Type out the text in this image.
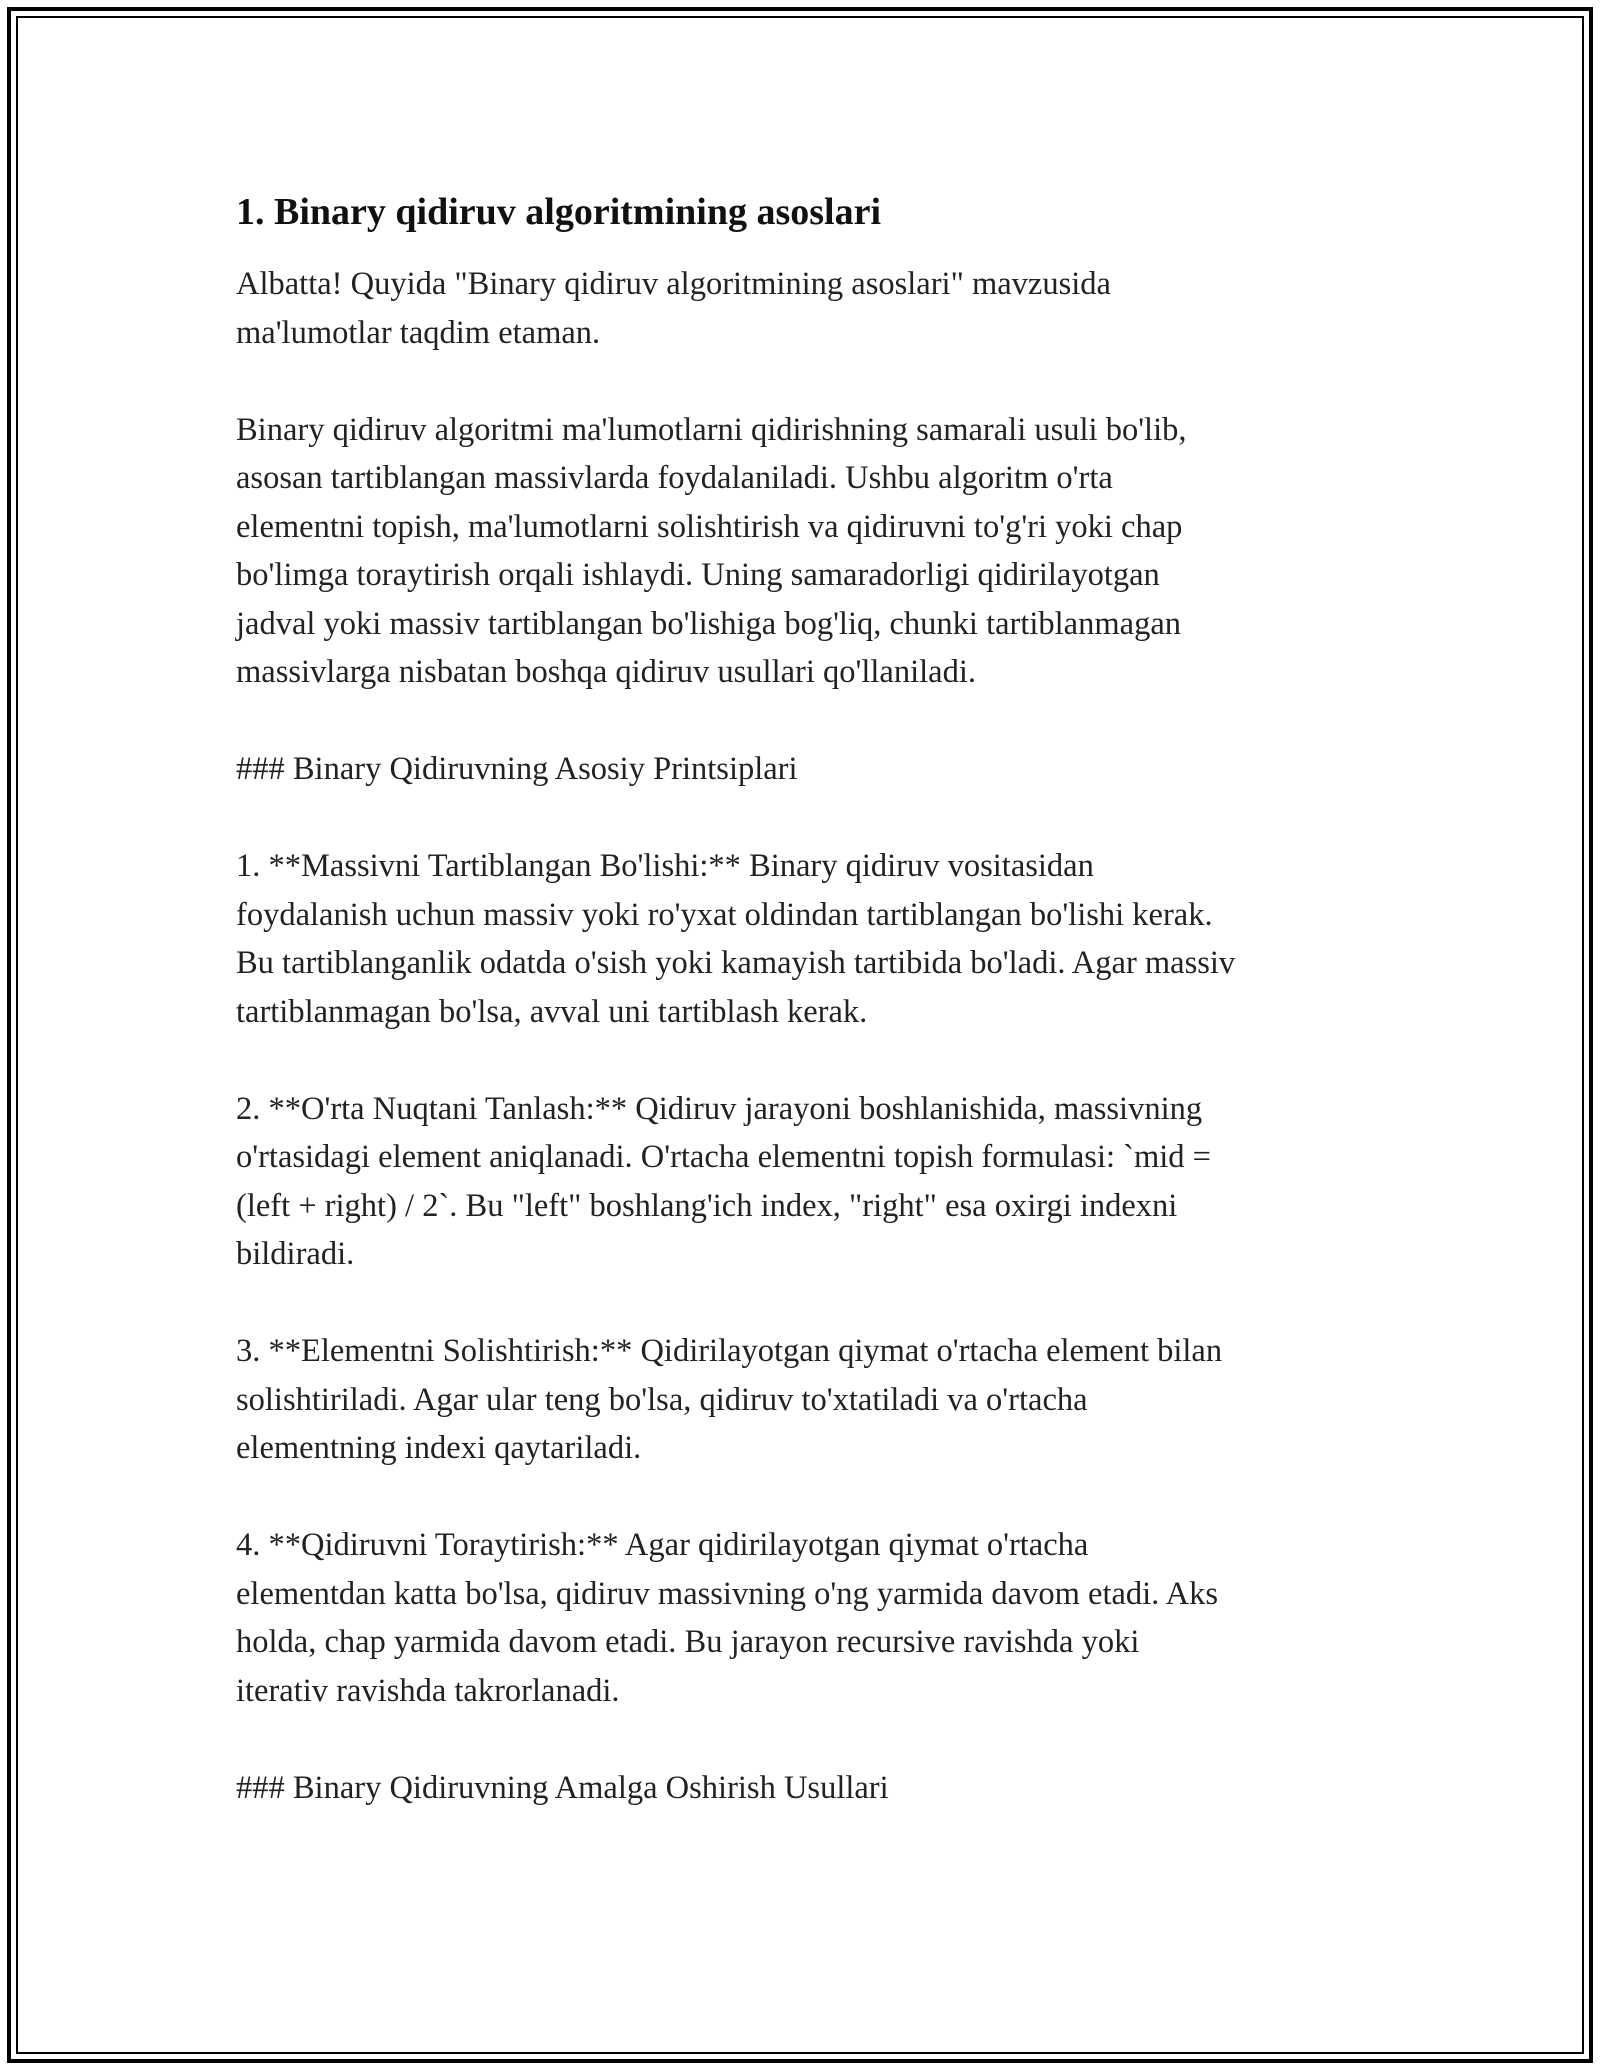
1. Binary qidiruv algoritmining asoslari

Albatta! Quyida "Binary qidiruv algoritmining asoslari" mavzusida
ma'lumotlar taqdim etaman.

Binary qidiruv algoritmi ma'lumotlarni qidirishning samarali usuli bo'lib,
asosan tartiblangan massivlarda foydalaniladi. Ushbu algoritm o'rta
elementni topish, ma'lumotlarni solishtirish va qidiruvni to'g'ri yoki chap
bo'limga toraytirish orqali ishlaydi. Uning samaradorligi qidirilayotgan
jadval yoki massiv tartiblangan bo'lishiga bog'liq, chunki tartiblanmagan
massivlarga nisbatan boshqa qidiruv usullari qo'llaniladi.

### Binary Qidiruvning Asosiy Printsiplari

1. **Massivni Tartiblangan Bo'lishi:** Binary qidiruv vositasidan
foydalanish uchun massiv yoki ro'yxat oldindan tartiblangan bo'lishi kerak.
Bu tartiblanganlik odatda o'sish yoki kamayish tartibida bo'ladi. Agar massiv
tartiblanmagan bo'lsa, avval uni tartiblash kerak.

2. **O'rta Nuqtani Tanlash:** Qidiruv jarayoni boshlanishida, massivning
o'rtasidagi element aniqlanadi. O'rtacha elementni topish formulasi: `mid =
(left + right) / 2`. Bu "left" boshlang'ich index, "right" esa oxirgi indexni
bildiradi.

3. **Elementni Solishtirish:** Qidirilayotgan qiymat o'rtacha element bilan
solishtiriladi. Agar ular teng bo'lsa, qidiruv to'xtatiladi va o'rtacha
elementning indexi qaytariladi.

4. **Qidiruvni Toraytirish:** Agar qidirilayotgan qiymat o'rtacha
elementdan katta bo'lsa, qidiruv massivning o'ng yarmida davom etadi. Aks
holda, chap yarmida davom etadi. Bu jarayon recursive ravishda yoki
iterativ ravishda takrorlanadi.

### Binary Qidiruvning Amalga Oshirish Usullari
